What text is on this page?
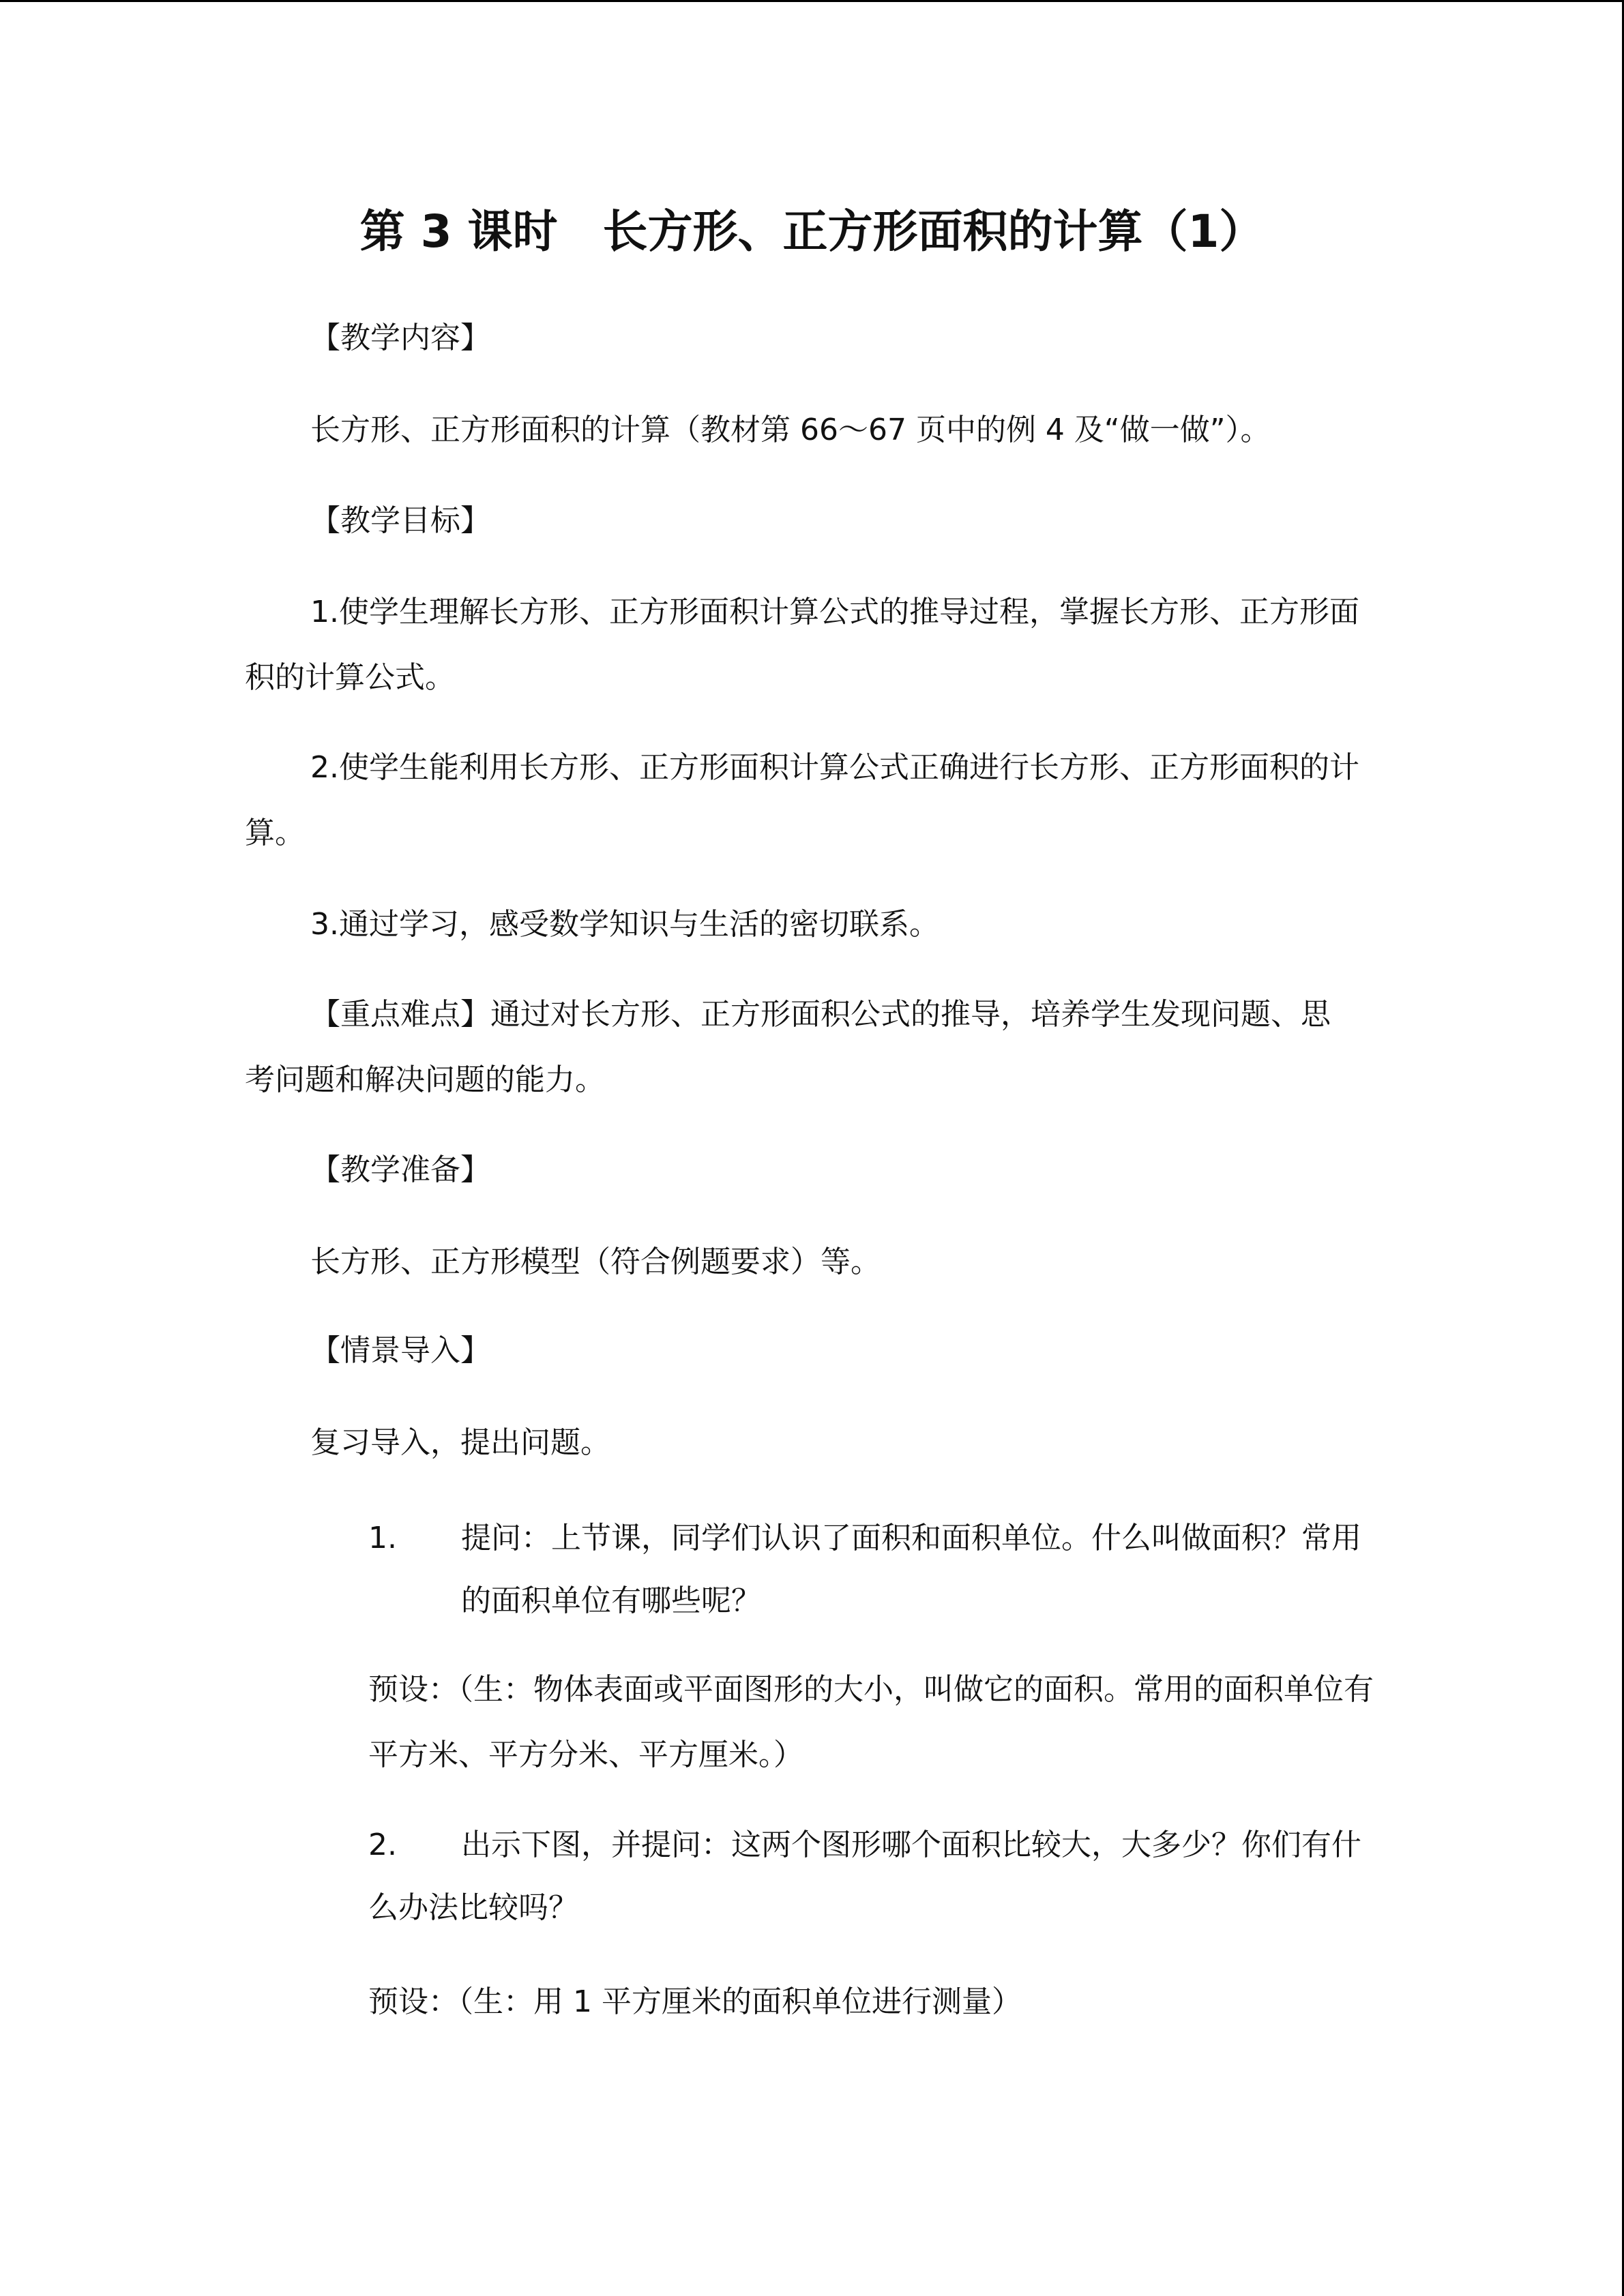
第 3 课时　长方形、正方形面积的计算（1）
【教学内容】
长方形、正方形面积的计算（教材第 66～67 页中的例 4 及“做一做”）。
【教学目标】
1.使学生理解长方形、正方形面积计算公式的推导过程，掌握长方形、正方形面积的计算公式。
2.使学生能利用长方形、正方形面积计算公式正确进行长方形、正方形面积的计算。
3.通过学习，感受数学知识与生活的密切联系。
【重点难点】通过对长方形、正方形面积公式的推导，培养学生发现问题、思考问题和解决问题的能力。
【教学准备】
长方形、正方形模型（符合例题要求）等。
【情景导入】
复习导入，提出问题。
1. 提问：上节课，同学们认识了面积和面积单位。什么叫做面积？常用的面积单位有哪些呢？
预设：（生：物体表面或平面图形的大小，叫做它的面积。常用的面积单位有平方米、平方分米、平方厘米。）
2.	出示下图，并提问：这两个图形哪个面积比较大，大多少？你们有什么办法比较吗？
预设：（生：用 1 平方厘米的面积单位进行测量）
